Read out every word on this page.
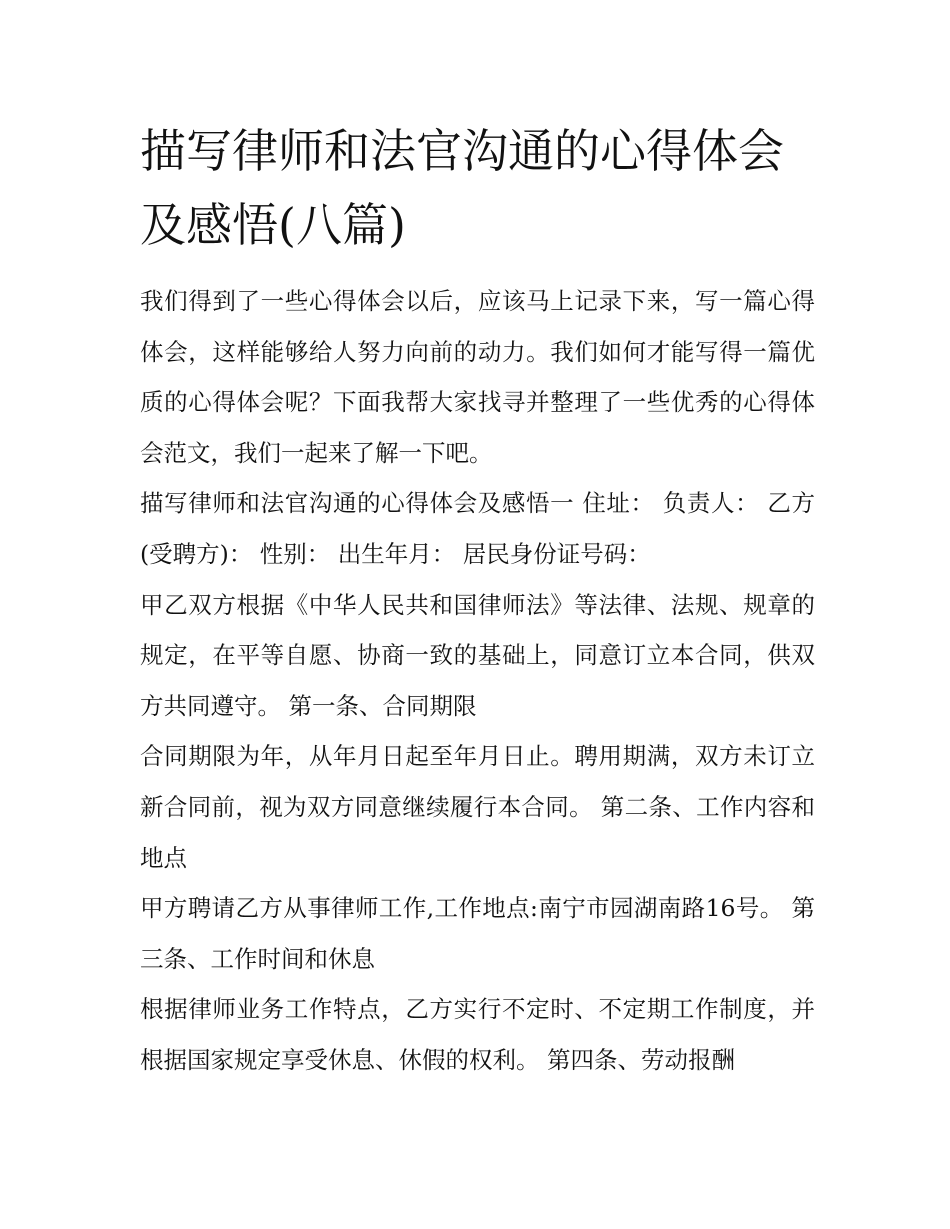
描写律师和法官沟通的心得体会及感悟(八篇)

我们得到了一些心得体会以后，应该马上记录下来，写一篇心得体会，这样能够给人努力向前的动力。我们如何才能写得一篇优质的心得体会呢？下面我帮大家找寻并整理了一些优秀的心得体会范文，我们一起来了解一下吧。

描写律师和法官沟通的心得体会及感悟一 住址： 负责人： 乙方(受聘方)： 性别： 出生年月： 居民身份证号码：

甲乙双方根据《中华人民共和国律师法》等法律、法规、规章的规定，在平等自愿、协商一致的基础上，同意订立本合同，供双方共同遵守。 第一条、合同期限

合同期限为年，从年月日起至年月日止。聘用期满，双方未订立新合同前，视为双方同意继续履行本合同。 第二条、工作内容和地点

甲方聘请乙方从事律师工作,工作地点:南宁市园湖南路16号。 第三条、工作时间和休息

根据律师业务工作特点，乙方实行不定时、不定期工作制度，并根据国家规定享受休息、休假的权利。 第四条、劳动报酬
